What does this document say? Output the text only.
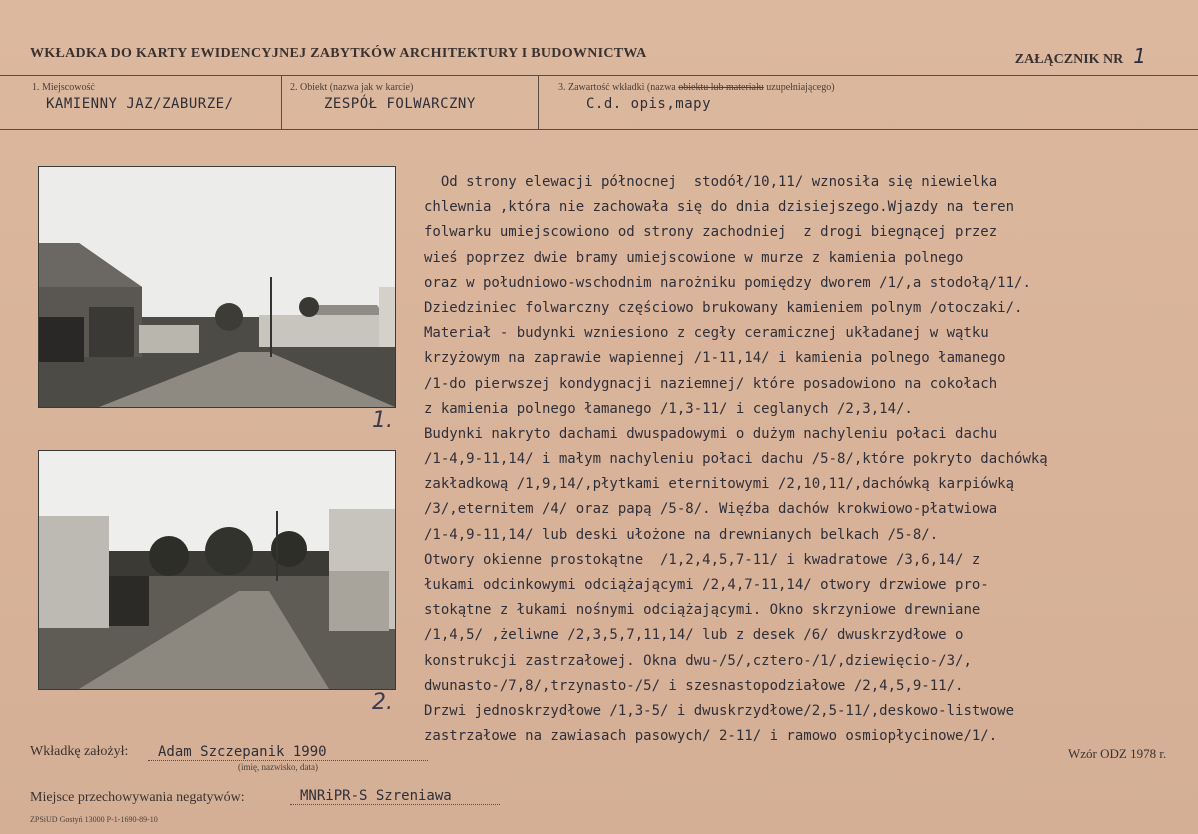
WKŁADKA DO KARTY EWIDENCYJNEJ ZABYTKÓW ARCHITEKTURY I BUDOWNICTWA	ZAŁĄCZNIK NR 1
1. Miejscowość
KAMIENNY JAZ/ZABURZE/
2. Obiekt (nazwa jak w karcie)
ZESPÓŁ FOLWARCZNY
3. Zawartość wkładki (nazwa obiektu lub materiału uzupełniającego)
C.d. opis,mapy
1.
2.
Od strony elewacji północnej  stodół/10,11/ wznosiła się niewielka
chlewnia ,która nie zachowała się do dnia dzisiejszego.Wjazdy na teren
folwarku umiejscowiono od strony zachodniej  z drogi biegnącej przez
wieś poprzez dwie bramy umiejscowione w murze z kamienia polnego
oraz w południowo-wschodnim narożniku pomiędzy dworem /1/,a stodołą/11/.
Dziedziniec folwarczny częściowo brukowany kamieniem polnym /otoczaki/.
Materiał - budynki wzniesiono z cegły ceramicznej układanej w wątku
krzyżowym na zaprawie wapiennej /1-11,14/ i kamienia polnego łamanego
/1-do pierwszej kondygnacji naziemnej/ które posadowiono na cokołach
z kamienia polnego łamanego /1,3-11/ i ceglanych /2,3,14/.
Budynki nakryto dachami dwuspadowymi o dużym nachyleniu połaci dachu
/1-4,9-11,14/ i małym nachyleniu połaci dachu /5-8/,które pokryto dachówką
zakładkową /1,9,14/,płytkami eternitowymi /2,10,11/,dachówką karpiówką
/3/,eternitem /4/ oraz papą /5-8/. Więźba dachów krokwiowo-płatwiowa
/1-4,9-11,14/ lub deski ułożone na drewnianych belkach /5-8/.
Otwory okienne prostokątne  /1,2,4,5,7-11/ i kwadratowe /3,6,14/ z
łukami odcinkowymi odciążającymi /2,4,7-11,14/ otwory drzwiowe pro-
stokątne z łukami nośnymi odciążającymi. Okno skrzyniowe drewniane
/1,4,5/ ,żeliwne /2,3,5,7,11,14/ lub z desek /6/ dwuskrzydłowe o
konstrukcji zastrzałowej. Okna dwu-/5/,cztero-/1/,dziewięcio-/3/,
dwunasto-/7,8/,trzynasto-/5/ i szesnastopodziałowe /2,4,5,9-11/.
Drzwi jednoskrzydłowe /1,3-5/ i dwuskrzydłowe/2,5-11/,deskowo-listwowe
zastrzałowe na zawiasach pasowych/ 2-11/ i ramowo osmiopłycinowe/1/.
Wkładkę założył: Adam Szczepanik 1990
(imię, nazwisko, data)
Wzór ODZ 1978 r.
Miejsce przechowywania negatywów:	MNRiPR-S Szreniawa
ZPSiUD Gostyń 13000 P-1-1690-89-10
